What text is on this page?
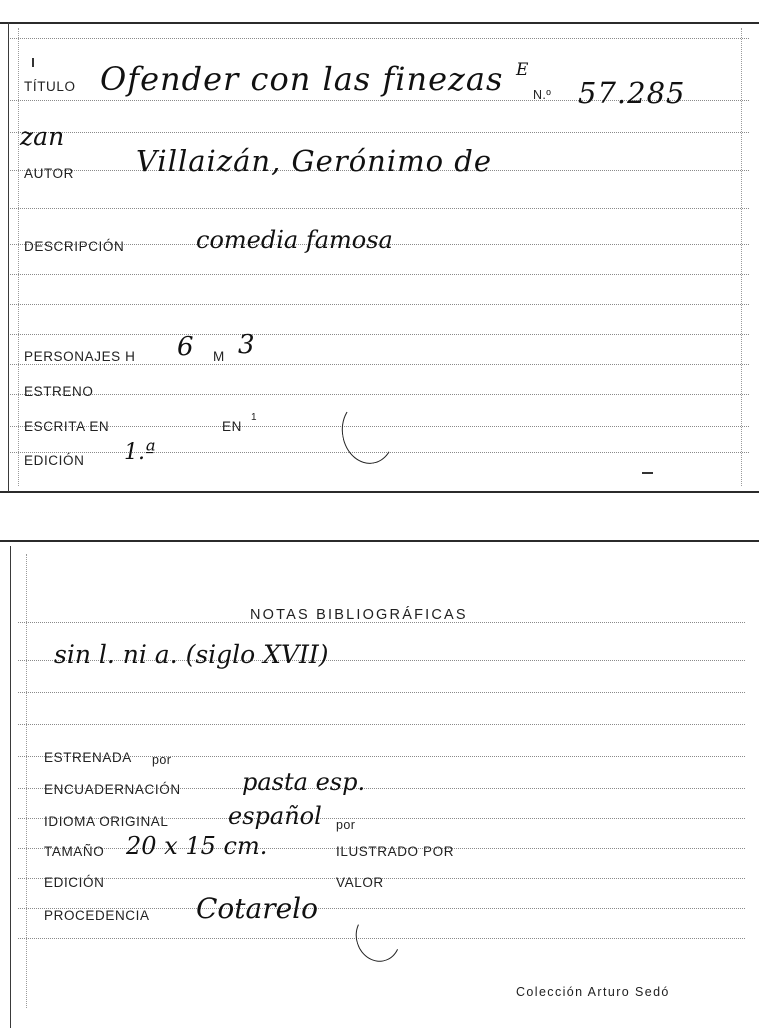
TÍTULO Ofender con las finezas E
zan
N.º 57.285
AUTOR Villaizán, Gerónimo de
DESCRIPCIÓN	comedia famosa
PERSONAJES H 6 M 3
ESTRENO
ESCRITA EN	EN
1
EDICIÓN 1.ª
NOTAS BIBLIOGRÁFICAS
sin l. ni a. (siglo XVII)
ESTRENADA por
ENCUADERNACIÓN	pasta esp.
IDIOMA ORIGINAL español por
TAMAÑO 20 x 15 cm.	ILUSTRADO POR
EDICIÓN	VALOR
PROCEDENCIA Cotarelo
Colección Arturo Sedó
